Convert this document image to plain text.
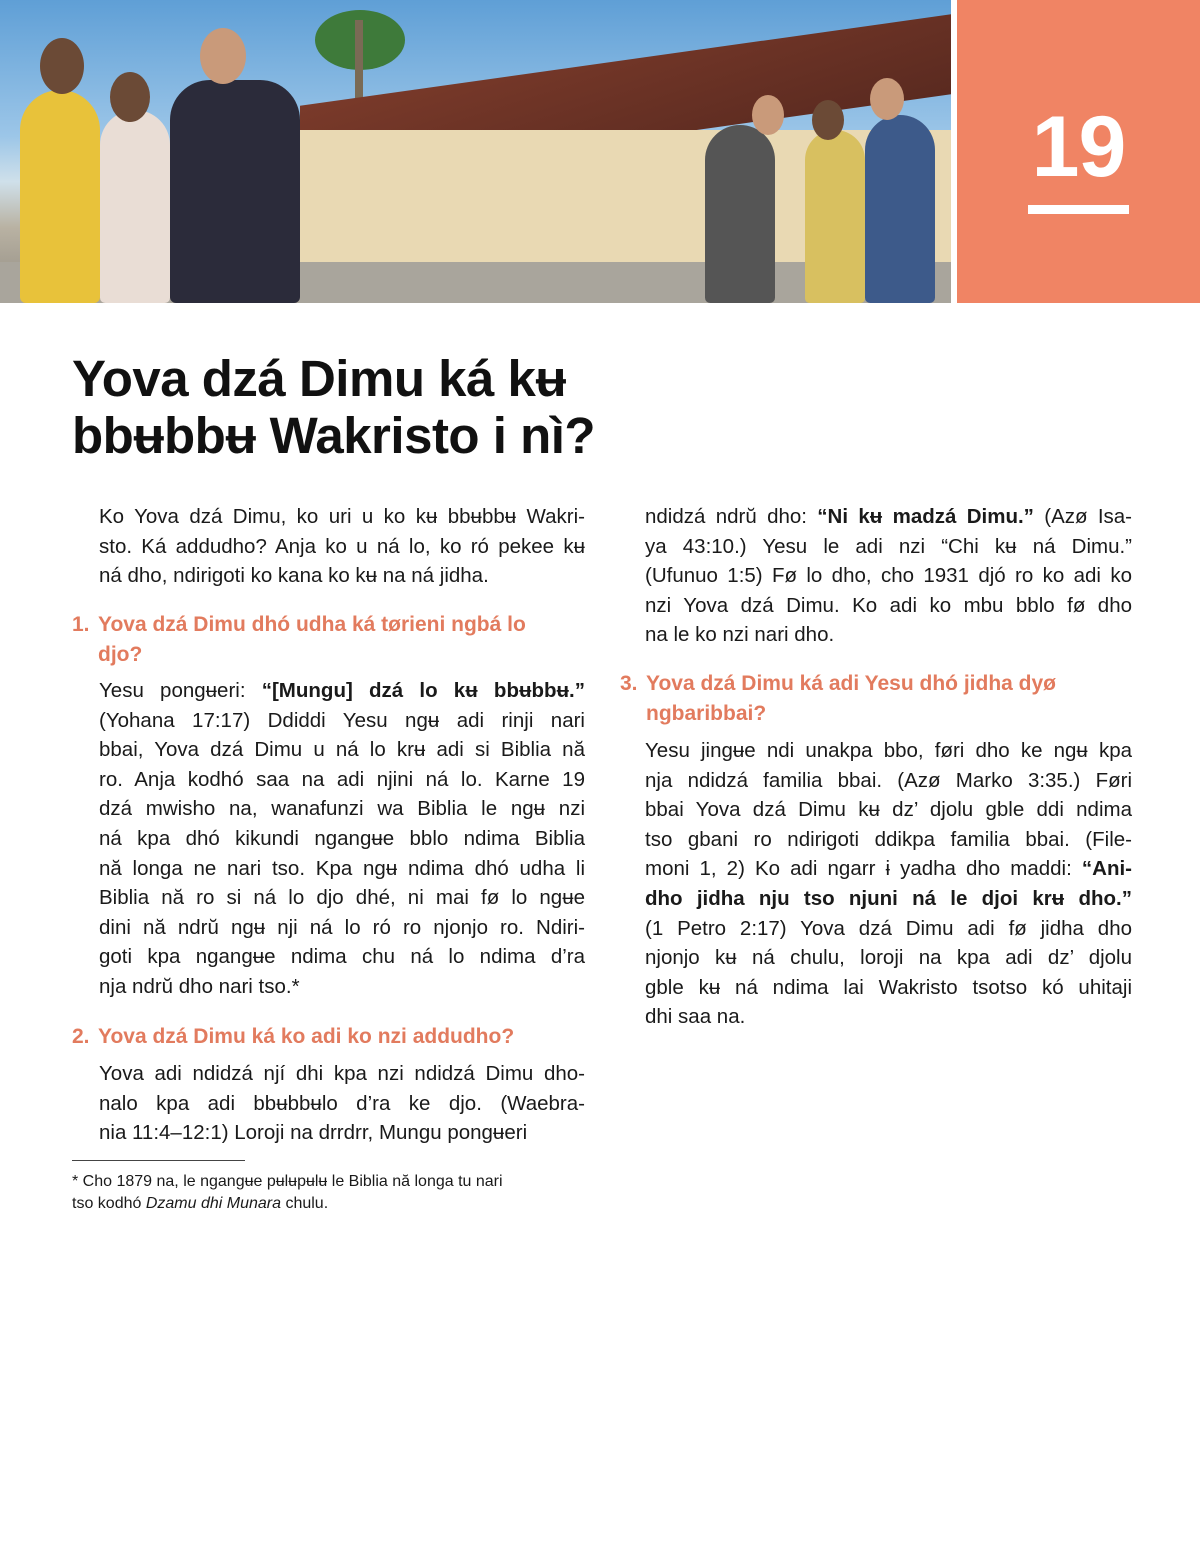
19
Yova dzá Dimu ká kʉ
bbʉbbʉ Wakristo i nì?
Ko Yova dzá Dimu, ko uri u ko kʉ bbʉbbʉ Wakri-
sto. Ká addudho? Anja ko u ná lo, ko ró pekee kʉ
ná dho, ndirigoti ko kana ko kʉ na ná jidha.
1. Yova dzá Dimu dhó udha ká tørieni ngbá lo
djo?
Yesu pongʉeri: “[Mungu] dzá lo kʉ bbʉbbʉ.”
(Yohana 17:17) Ddiddi Yesu ngʉ adi rinji nari
bbai, Yova dzá Dimu u ná lo krʉ adi si Biblia nă
ro. Anja kodhó saa na adi njini ná lo. Karne 19
dzá mwisho na, wanafunzi wa Biblia le ngʉ nzi
ná kpa dhó kikundi ngangʉe bblo ndima Biblia
nă longa ne nari tso. Kpa ngʉ ndima dhó udha li
Biblia nă ro si ná lo djo dhé, ni mai fø lo ngʉe
dini nă ndrŭ ngʉ nji ná lo ró ro njonjo ro. Ndiri-
goti kpa ngangʉe ndima chu ná lo ndima d’ra
nja ndrŭ dho nari tso.*
2. Yova dzá Dimu ká ko adi ko nzi addudho?
Yova adi ndidzá njí dhi kpa nzi ndidzá Dimu dho-
nalo kpa adi bbʉbbʉlo d’ra ke djo. (Waebra-
nia 11:4–12:1) Loroji na drrdrr, Mungu pongʉeri
ndidzá ndrŭ dho: “Ni kʉ madzá Dimu.” (Azø Isa-
ya 43:10.) Yesu le adi nzi “Chi kʉ ná Dimu.”
(Ufunuo 1:5) Fø lo dho, cho 1931 djó ro ko adi ko
nzi Yova dzá Dimu. Ko adi ko mbu bblo fø dho
na le ko nzi nari dho.
3. Yova dzá Dimu ká adi Yesu dhó jidha dyø
ngbaribbai?
Yesu jingʉe ndi unakpa bbo, føri dho ke ngʉ kpa
nja ndidzá familia bbai. (Azø Marko 3:35.) Føri
bbai Yova dzá Dimu kʉ dz’ djolu gble ddi ndima
tso gbani ro ndirigoti ddikpa familia bbai. (File-
moni 1, 2) Ko adi ngarr ɨ yadha dho maddi: “Ani-
dho jidha nju tso njuni ná le djoi krʉ dho.”
(1 Petro 2:17) Yova dzá Dimu adi fø jidha dho
njonjo kʉ ná chulu, loroji na kpa adi dz’ djolu
gble kʉ ná ndima lai Wakristo tsotso kó uhitaji
dhi saa na.
* Cho 1879 na, le ngangʉe pʉlʉpʉlʉ le Biblia nă longa tu nari
tso kodhó Dzamu dhi Munara chulu.
